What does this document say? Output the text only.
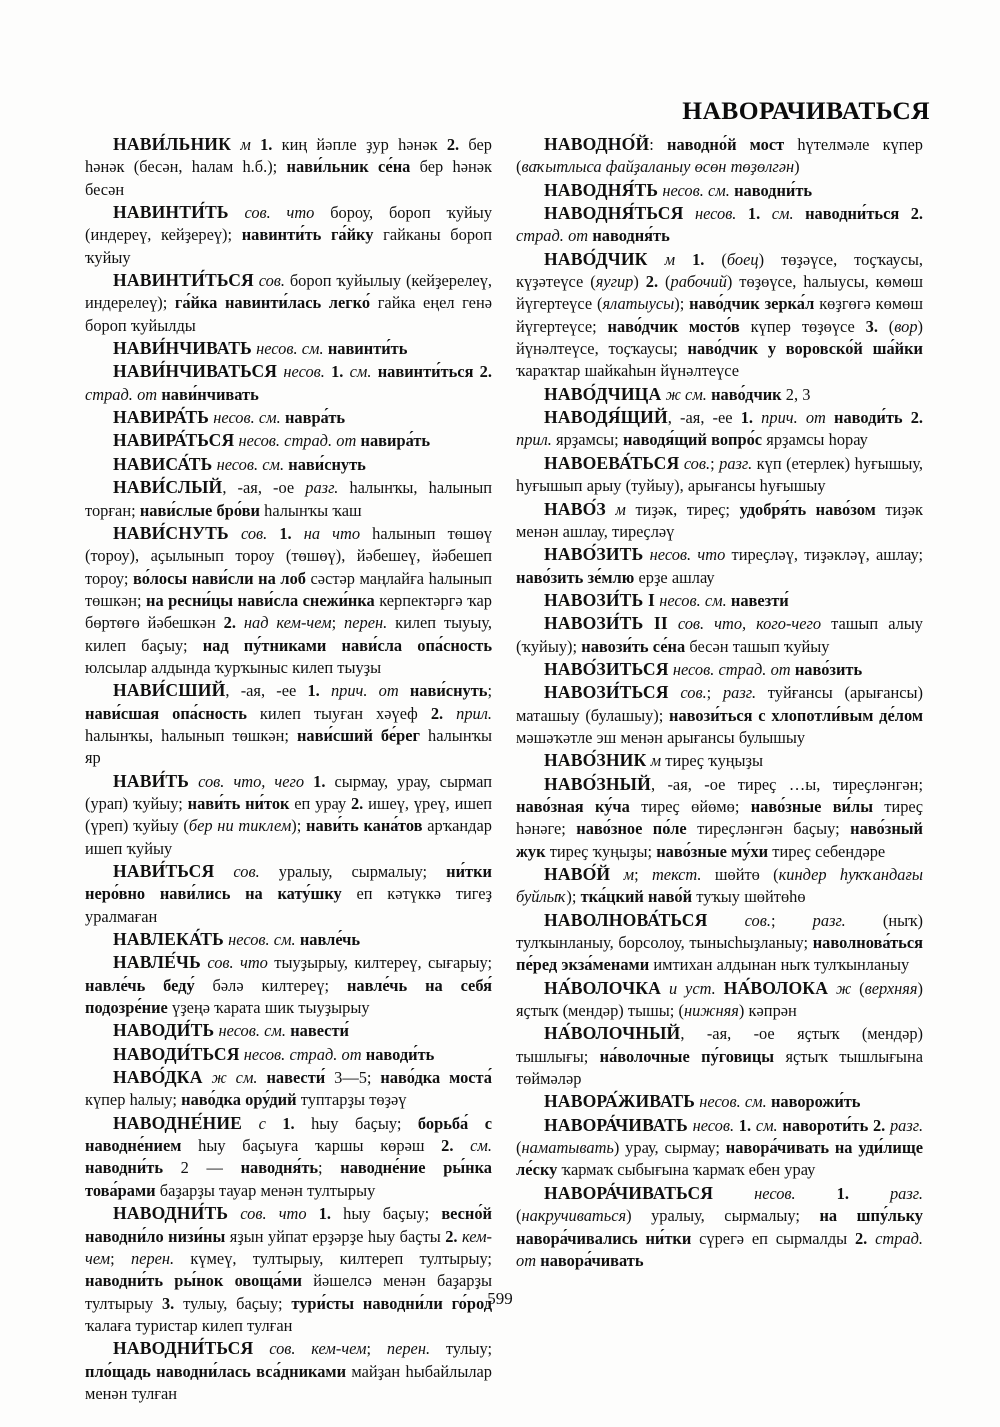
НАВОРАЧИВАТЬСЯ

НАВИ́ЛЬНИК м 1. киң йәпле ҙур һәнәк 2. бер һәнәк (бесән, һалам һ.б.); нави́льник се́на бер һәнәк бесән

НАВИНТИ́ТЬ сов. что бороу, бороп ҡуйыу (индереү, кейҙереү); навинти́ть га́йку гайканы бороп ҡуйыу

НАВИНТИ́ТЬСЯ сов. бороп ҡуйылыу (кейҙерелеү, индерелеү); га́йка навинти́лась легко́ гайка еңел генә бороп ҡуйылды

НАВИ́НЧИВАТЬ несов. см. навинти́ть

НАВИ́НЧИВАТЬСЯ несов. 1. см. навинти́ться 2. страд. от нави́нчивать

НАВИРА́ТЬ несов. см. навра́ть

НАВИРА́ТЬСЯ несов. страд. от навира́ть

НАВИСА́ТЬ несов. см. нави́снуть

НАВИ́СЛЫЙ, -ая, -ое разг. һалынҡы, һалынып торған; нави́слые бро́ви һалынҡы ҡаш

НАВИ́СНУТЬ сов. 1. на что һалынып төшөү (тороу), аҫылынып тороу (төшөү), йәбешеү, йәбешеп тороу; во́лосы нави́сли на лоб сәстәр маңлайға һалынып төшкән; на ресни́цы нави́сла снежи́нка керпектәргә ҡар бөртөгө йәбешкән 2. над кем-чем; перен. килеп тыуыу, килеп баҫыу; над пу́тниками нави́сла опа́сность юлсылар алдында ҡурҡыныс килеп тыуҙы

НАВИ́СШИЙ, -ая, -ее 1. прич. от нави́снуть; нави́сшая опа́сность килеп тыуған хәүеф 2. прил. һалынҡы, һалынып төшкән; нави́сший бе́рег һалынҡы яр

НАВИ́ТЬ сов. что, чего 1. сырмау, урау, сырмап (урап) ҡуйыу; нави́ть ни́ток еп урау 2. ишеү, үреү, ишеп (үреп) ҡуйыу (бер ни тиклем); нави́ть кана́тов арҡандар ишеп ҡуйыу

НАВИ́ТЬСЯ сов. уралыу, сырмалыу; ни́тки неро́вно нави́лись на кату́шку еп кәтүккә тигеҙ уралмаған

НАВЛЕКА́ТЬ несов. см. навле́чь

НАВЛЕ́ЧЬ сов. что тыуҙырыу, килтереү, сығарыу; навле́чь беду́ бәлә килтереү; навле́чь на себя́ подозре́ние үҙеңә ҡарата шик тыуҙырыу

НАВОДИ́ТЬ несов. см. навести́

НАВОДИ́ТЬСЯ несов. страд. от наводи́ть

НАВО́ДКА ж см. навести́ 3—5; наво́дка моста́ күпер һалыу; наво́дка ору́дий туптарҙы төҙәү

НАВОДНЕ́НИЕ с 1. һыу баҫыу; борьба́ с наводне́нием һыу баҫыуға ҡаршы көрәш 2. см. наводни́ть 2 — наводня́ть; наводне́ние ры́нка това́рами баҙарҙы тауар менән тултырыу

НАВОДНИ́ТЬ сов. что 1. һыу баҫыу; весно́й наводни́ло низи́ны яҙын уйпат ерҙәрҙе һыу баҫты 2. кем-чем; перен. күмеү, тултырыу, килтереп тултырыу; наводни́ть ры́нок овоща́ми йәшелсә менән баҙарҙы тултырыу 3. тулыу, баҫыу; тури́сты наводни́ли го́род ҡалаға туристар килеп тулған

НАВОДНИ́ТЬСЯ сов. кем-чем; перен. тулыу; пло́щадь наводни́лась вса́дниками майҙан һыбайлылар менән тулған

НАВОДНО́Й: наводно́й мост һүтелмәле күпер (ваҡытлыса файҙаланыу өсөн төҙөлгән)

НАВОДНЯ́ТЬ несов. см. наводни́ть

НАВОДНЯ́ТЬСЯ несов. 1. см. наводни́ться 2. страд. от наводня́ть

НАВО́ДЧИК м 1. (боец) төҙәүсе, тоҫҡаусы, күҙәтеүсе (яугир) 2. (рабочий) төҙөүсе, һалыусы, көмөш йүгертеүсе (ялатыусы); наво́дчик зерка́л көҙгөгә көмөш йүгертеүсе; наво́дчик мосто́в күпер төҙөүсе 3. (вор) йүнәлтеүсе, тоҫҡаусы; наво́дчик у воровско́й ша́йки ҡараҡтар шайкаһын йүнәлтеүсе

НАВО́ДЧИЦА ж см. наво́дчик 2, 3

НАВОДЯ́ЩИЙ, -ая, -ее 1. прич. от наводи́ть 2. прил. ярҙамсы; наводя́щий вопро́с ярҙамсы һорау

НАВОЕВА́ТЬСЯ сов.; разг. күп (етерлек) һуғышыу, һуғышып арыу (туйыу), арығансы һуғышыу

НАВО́З м тиҙәк, тиреҫ; удобря́ть наво́зом тиҙәк менән ашлау, тиреҫләү

НАВО́ЗИТЬ несов. что тиреҫләү, тиҙәкләү, ашлау; наво́зить зе́млю ерҙе ашлау

НАВОЗИ́ТЬ I несов. см. навезти́

НАВОЗИ́ТЬ II сов. что, кого-чего ташып алыу (ҡуйыу); навози́ть се́на бесән ташып ҡуйыу

НАВО́ЗИТЬСЯ несов. страд. от наво́зить

НАВОЗИ́ТЬСЯ сов.; разг. туйғансы (арығансы) маташыу (булашыу); навози́ться с хлопотли́вым де́лом мәшәҡәтле эш менән арығансы булышыу

НАВО́ЗНИК м тиреҫ ҡуңыҙы

НАВО́ЗНЫЙ, -ая, -ое тиреҫ …ы, тиреҫләнгән; наво́зная ку́ча тиреҫ өйөмө; наво́зные ви́лы тиреҫ һәнәге; наво́зное по́ле тиреҫләнгән баҫыу; наво́зный жук тиреҫ ҡуңыҙы; наво́зные му́хи тиреҫ себендәре

НАВО́Й м; текст. шөйтө (киндер һуҡҡандағы буйлыҡ); тка́цкий наво́й туҡыу шөйтөһө

НАВОЛНОВА́ТЬСЯ сов.; разг. (ныҡ) тулҡынланыу, борсолоу, тынысһыҙланыу; наволнова́ться пе́ред экза́менами имтихан алдынан ныҡ тулҡынланыу

НА́ВОЛОЧКА и уст. НА́ВОЛОКА ж (верхняя) яҫтыҡ (мендәр) тышы; (нижняя) кәпрән

НА́ВОЛОЧНЫЙ, -ая, -ое яҫтыҡ (мендәр) тышлығы; на́волочные пу́говицы яҫтыҡ тышлығына төймәләр

НАВОРА́ЖИВАТЬ несов. см. наворожи́ть

НАВОРА́ЧИВАТЬ несов. 1. см. навороти́ть 2. разг. (наматывать) урау, сырмау; навора́чивать на уди́лище ле́ску ҡармаҡ сыбығына ҡармаҡ ебен урау

НАВОРА́ЧИВАТЬСЯ	несов.	1.	разг. (накручиваться) уралыу, сырмалыу; на шпу́льку навора́чивались ни́тки сүрегә еп сырмалды 2. страд. от навора́чивать

599
